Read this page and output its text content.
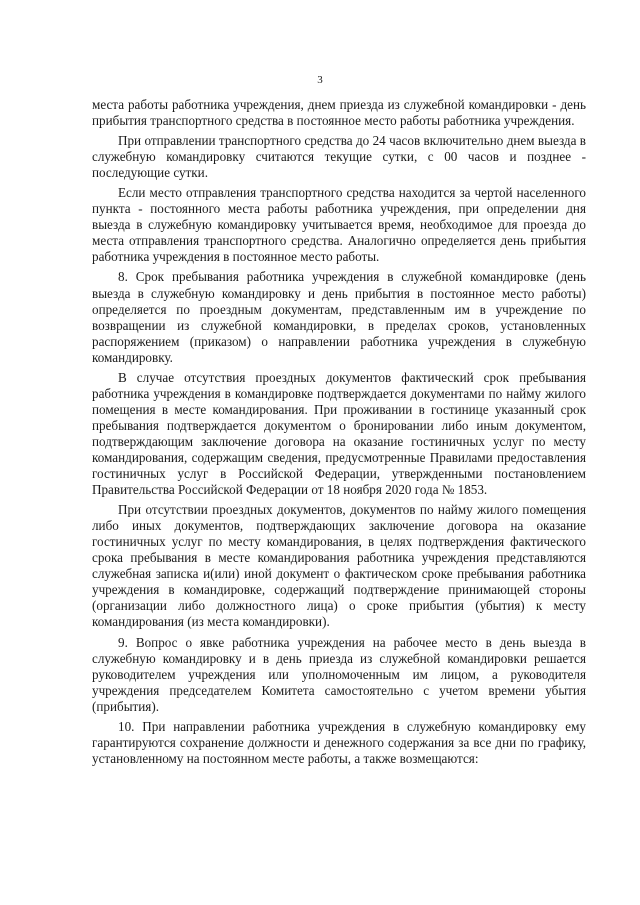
3

места работы работника учреждения, днем приезда из служебной командировки - день прибытия транспортного средства в постоянное место работы работника учреждения.

При отправлении транспортного средства до 24 часов включительно днем выезда в служебную командировку считаются текущие сутки, с 00 часов и позднее - последующие сутки.

Если место отправления транспортного средства находится за чертой населенного пункта - постоянного места работы работника учреждения, при определении дня выезда в служебную командировку учитывается время, необходимое для проезда до места отправления транспортного средства. Аналогично определяется день прибытия работника учреждения в постоянное место работы.

8. Срок пребывания работника учреждения в служебной командировке (день выезда в служебную командировку и день прибытия в постоянное место работы) определяется по проездным документам, представленным им в учреждение по возвращении из служебной командировки, в пределах сроков, установленных распоряжением (приказом) о направлении работника учреждения в служебную командировку.

В случае отсутствия проездных документов фактический срок пребывания работника учреждения в командировке подтверждается документами по найму жилого помещения в месте командирования. При проживании в гостинице указанный срок пребывания подтверждается документом о бронировании либо иным документом, подтверждающим заключение договора на оказание гостиничных услуг по месту командирования, содержащим сведения, предусмотренные Правилами предоставления гостиничных услуг в Российской Федерации, утвержденными постановлением Правительства Российской Федерации от 18 ноября 2020 года № 1853.

При отсутствии проездных документов, документов по найму жилого помещения либо иных документов, подтверждающих заключение договора на оказание гостиничных услуг по месту командирования, в целях подтверждения фактического срока пребывания в месте командирования работника учреждения представляются служебная записка и(или) иной документ о фактическом сроке пребывания работника учреждения в командировке, содержащий подтверждение принимающей стороны (организации либо должностного лица) о сроке прибытия (убытия) к месту командирования (из места командировки).

9. Вопрос о явке работника учреждения на рабочее место в день выезда в служебную командировку и в день приезда из служебной командировки решается руководителем учреждения или уполномоченным им лицом, а руководителя учреждения председателем Комитета самостоятельно с учетом времени убытия (прибытия).

10. При направлении работника учреждения в служебную командировку ему гарантируются сохранение должности и денежного содержания за все дни по графику, установленному на постоянном месте работы, а также возмещаются:
